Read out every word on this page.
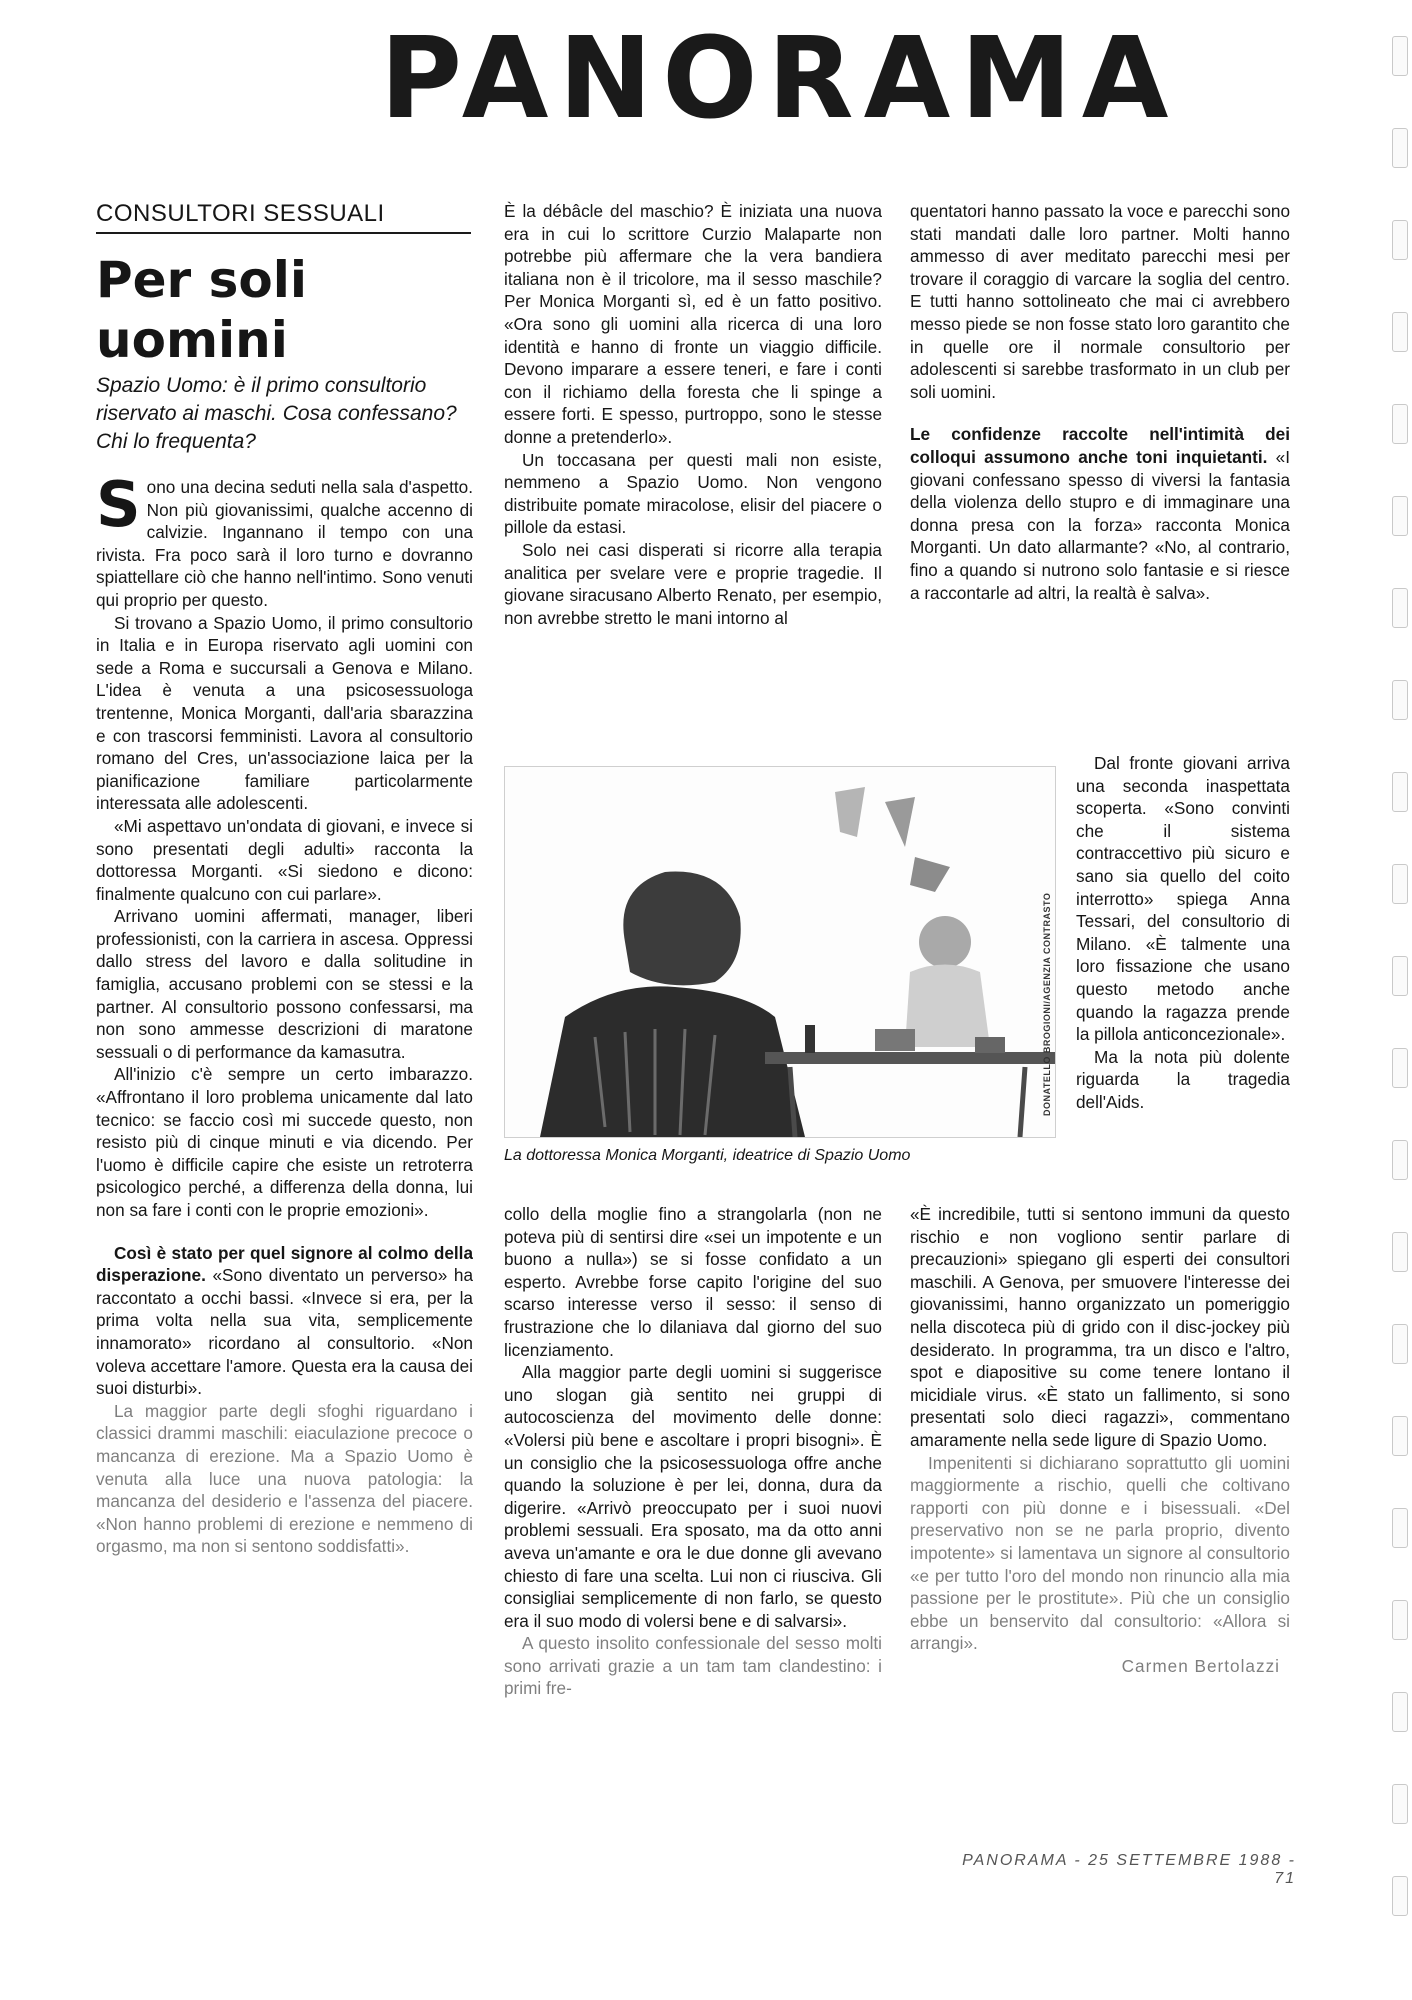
PANORAMA
CONSULTORI SESSUALI
Per soli uomini
Spazio Uomo: è il primo consultorio riservato ai maschi. Cosa confessano? Chi lo frequenta?

Sono una decina seduti nella sala d'aspetto. Non più giovanissimi, qualche accenno di calvizie. Ingannano il tempo con una rivista. Fra poco sarà il loro turno e dovranno spiattellare ciò che hanno nell'intimo. Sono venuti qui proprio per questo.

Si trovano a Spazio Uomo, il primo consultorio in Italia e in Europa riservato agli uomini con sede a Roma e succursali a Genova e Milano. L'idea è venuta a una psicosessuologa trentenne, Monica Morganti, dall'aria sbarazzina e con trascorsi femministi. Lavora al consultorio romano del Cres, un'associazione laica per la pianificazione familiare particolarmente interessata alle adolescenti.

«Mi aspettavo un'ondata di giovani, e invece si sono presentati degli adulti» racconta la dottoressa Morganti. «Si siedono e dicono: finalmente qualcuno con cui parlare».

Arrivano uomini affermati, manager, liberi professionisti, con la carriera in ascesa. Oppressi dallo stress del lavoro e dalla solitudine in famiglia, accusano problemi con se stessi e la partner. Al consultorio possono confessarsi, ma non sono ammesse descrizioni di maratone sessuali o di performance da kamasutra.

All'inizio c'è sempre un certo imbarazzo. «Affrontano il loro problema unicamente dal lato tecnico: se faccio così mi succede questo, non resisto più di cinque minuti e via dicendo. Per l'uomo è difficile capire che esiste un retroterra psicologico perché, a differenza della donna, lui non sa fare i conti con le proprie emozioni».

Così è stato per quel signore al colmo della disperazione. «Sono diventato un perverso» ha raccontato a occhi bassi. «Invece si era, per la prima volta nella sua vita, semplicemente innamorato» ricordano al consultorio. «Non voleva accettare l'amore. Questa era la causa dei suoi disturbi».

La maggior parte degli sfoghi riguardano i classici drammi maschili: eiaculazione precoce o mancanza di erezione. Ma a Spazio Uomo è venuta alla luce una nuova patologia: la mancanza del desiderio e l'assenza del piacere. «Non hanno problemi di erezione e nemmeno di orgasmo, ma non si sentono soddisfatti».

È la débâcle del maschio? È iniziata una nuova era in cui lo scrittore Curzio Malaparte non potrebbe più affermare che la vera bandiera italiana non è il tricolore, ma il sesso maschile? Per Monica Morganti sì, ed è un fatto positivo. «Ora sono gli uomini alla ricerca di una loro identità e hanno di fronte un viaggio difficile. Devono imparare a essere teneri, e fare i conti con il richiamo della foresta che li spinge a essere forti. E spesso, purtroppo, sono le stesse donne a pretenderlo».

Un toccasana per questi mali non esiste, nemmeno a Spazio Uomo. Non vengono distribuite pomate miracolose, elisir del piacere o pillole da estasi.

Solo nei casi disperati si ricorre alla terapia analitica per svelare vere e proprie tragedie. Il giovane siracusano Alberto Renato, per esempio, non avrebbe stretto le mani intorno al

DONATELLO BROGIONI/AGENZIA CONTRASTO
La dottoressa Monica Morganti, ideatrice di Spazio Uomo

collo della moglie fino a strangolarla (non ne poteva più di sentirsi dire «sei un impotente e un buono a nulla») se si fosse confidato a un esperto. Avrebbe forse capito l'origine del suo scarso interesse verso il sesso: il senso di frustrazione che lo dilaniava dal giorno del suo licenziamento.

Alla maggior parte degli uomini si suggerisce uno slogan già sentito nei gruppi di autocoscienza del movimento delle donne: «Volersi più bene e ascoltare i propri bisogni». È un consiglio che la psicosessuologa offre anche quando la soluzione è per lei, donna, dura da digerire. «Arrivò preoccupato per i suoi nuovi problemi sessuali. Era sposato, ma da otto anni aveva un'amante e ora le due donne gli avevano chiesto di fare una scelta. Lui non ci riusciva. Gli consigliai semplicemente di non farlo, se questo era il suo modo di volersi bene e di salvarsi».

A questo insolito confessionale del sesso molti sono arrivati grazie a un tam tam clandestino: i primi fre-

quentatori hanno passato la voce e parecchi sono stati mandati dalle loro partner. Molti hanno ammesso di aver meditato parecchi mesi per trovare il coraggio di varcare la soglia del centro. E tutti hanno sottolineato che mai ci avrebbero messo piede se non fosse stato loro garantito che in quelle ore il normale consultorio per adolescenti si sarebbe trasformato in un club per soli uomini.

Le confidenze raccolte nell'intimità dei colloqui assumono anche toni inquietanti. «I giovani confessano spesso di viversi la fantasia della violenza dello stupro e di immaginare una donna presa con la forza» racconta Monica Morganti. Un dato allarmante? «No, al contrario, fino a quando si nutrono solo fantasie e si riesce a raccontarle ad altri, la realtà è salva».

Dal fronte giovani arriva una seconda inaspettata scoperta. «Sono convinti che il sistema contraccettivo più sicuro e sano sia quello del coito interrotto» spiega Anna Tessari, del consultorio di Milano. «È talmente una loro fissazione che usano questo metodo anche quando la ragazza prende la pillola anticoncezionale».

Ma la nota più dolente riguarda la tragedia dell'Aids.

«È incredibile, tutti si sentono immuni da questo rischio e non vogliono sentir parlare di precauzioni» spiegano gli esperti dei consultori maschili. A Genova, per smuovere l'interesse dei giovanissimi, hanno organizzato un pomeriggio nella discoteca più di grido con il disc-jockey più desiderato. In programma, tra un disco e l'altro, spot e diapositive su come tenere lontano il micidiale virus. «È stato un fallimento, si sono presentati solo dieci ragazzi», commentano amaramente nella sede ligure di Spazio Uomo.

Impenitenti si dichiarano soprattutto gli uomini maggiormente a rischio, quelli che coltivano rapporti con più donne e i bisessuali. «Del preservativo non se ne parla proprio, divento impotente» si lamentava un signore al consultorio «e per tutto l'oro del mondo non rinuncio alla mia passione per le prostitute». Più che un consiglio ebbe un benservito dal consultorio: «Allora si arrangi».

Carmen Bertolazzi
PANORAMA - 25 SETTEMBRE 1988 - 71
